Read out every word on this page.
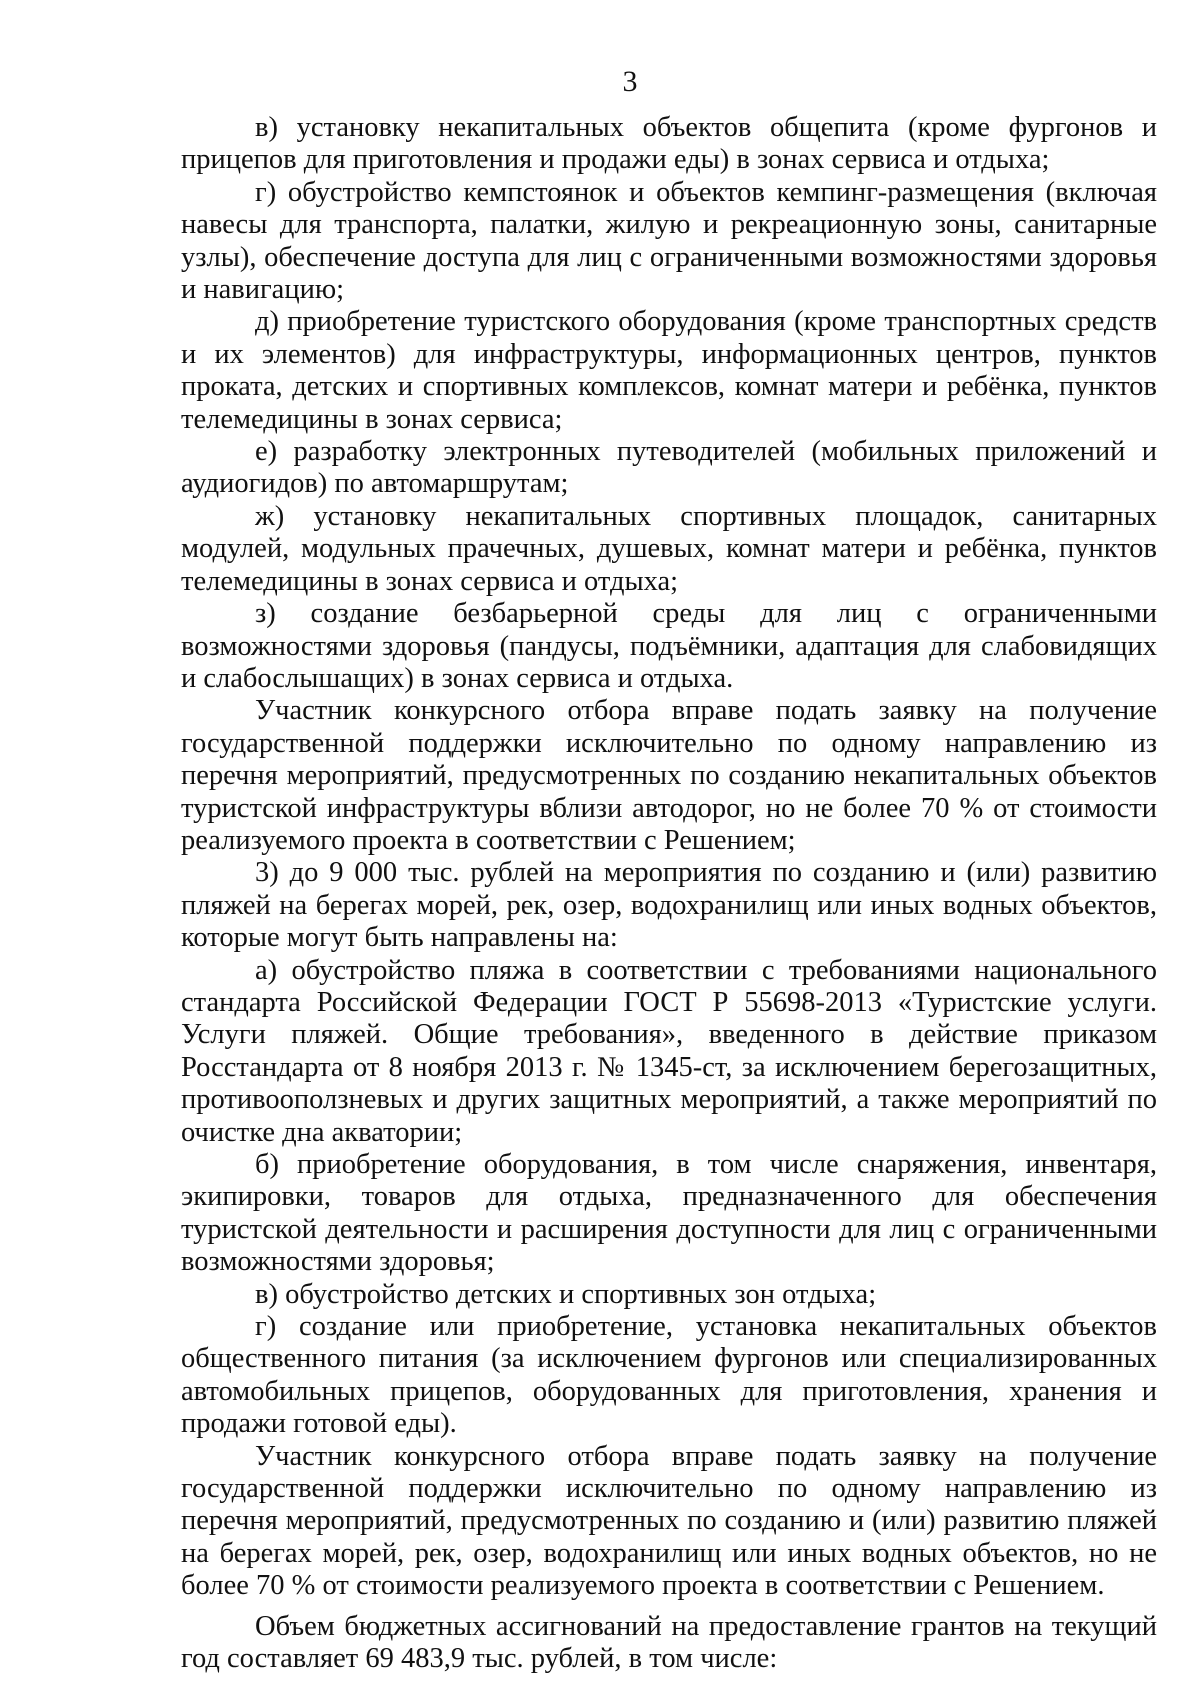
3

в) установку некапитальных объектов общепита (кроме фургонов и прицепов для приготовления и продажи еды) в зонах сервиса и отдыха;

г) обустройство кемпстоянок и объектов кемпинг-размещения (включая навесы для транспорта, палатки, жилую и рекреационную зоны, санитарные узлы), обеспечение доступа для лиц с ограниченными возможностями здоровья и навигацию;

д) приобретение туристского оборудования (кроме транспортных средств и их элементов) для инфраструктуры, информационных центров, пунктов проката, детских и спортивных комплексов, комнат матери и ребёнка, пунктов телемедицины в зонах сервиса;

е) разработку электронных путеводителей (мобильных приложений и аудиогидов) по автомаршрутам;

ж) установку некапитальных спортивных площадок, санитарных модулей, модульных прачечных, душевых, комнат матери и ребёнка, пунктов телемедицины в зонах сервиса и отдыха;

з) создание безбарьерной среды для лиц с ограниченными возможностями здоровья (пандусы, подъёмники, адаптация для слабовидящих и слабослышащих) в зонах сервиса и отдыха.

Участник конкурсного отбора вправе подать заявку на получение государственной поддержки исключительно по одному направлению из перечня мероприятий, предусмотренных по созданию некапитальных объектов туристской инфраструктуры вблизи автодорог, но не более 70 % от стоимости реализуемого проекта в соответствии с Решением;

3) до 9 000 тыс. рублей на мероприятия по созданию и (или) развитию пляжей на берегах морей, рек, озер, водохранилищ или иных водных объектов, которые могут быть направлены на:

а) обустройство пляжа в соответствии с требованиями национального стандарта Российской Федерации ГОСТ Р 55698-2013 «Туристские услуги. Услуги пляжей. Общие требования», введенного в действие приказом Росстандарта от 8 ноября 2013 г. № 1345-ст, за исключением берегозащитных, противооползневых и других защитных мероприятий, а также мероприятий по очистке дна акватории;

б) приобретение оборудования, в том числе снаряжения, инвентаря, экипировки, товаров для отдыха, предназначенного для обеспечения туристской деятельности и расширения доступности для лиц с ограниченными возможностями здоровья;

в) обустройство детских и спортивных зон отдыха;

г) создание или приобретение, установка некапитальных объектов общественного питания (за исключением фургонов или специализированных автомобильных прицепов, оборудованных для приготовления, хранения и продажи готовой еды).

Участник конкурсного отбора вправе подать заявку на получение государственной поддержки исключительно по одному направлению из перечня мероприятий, предусмотренных по созданию и (или) развитию пляжей на берегах морей, рек, озер, водохранилищ или иных водных объектов, но не более 70 % от стоимости реализуемого проекта в соответствии с Решением.

Объем бюджетных ассигнований на предоставление грантов на текущий год составляет 69 483,9 тыс. рублей, в том числе:
